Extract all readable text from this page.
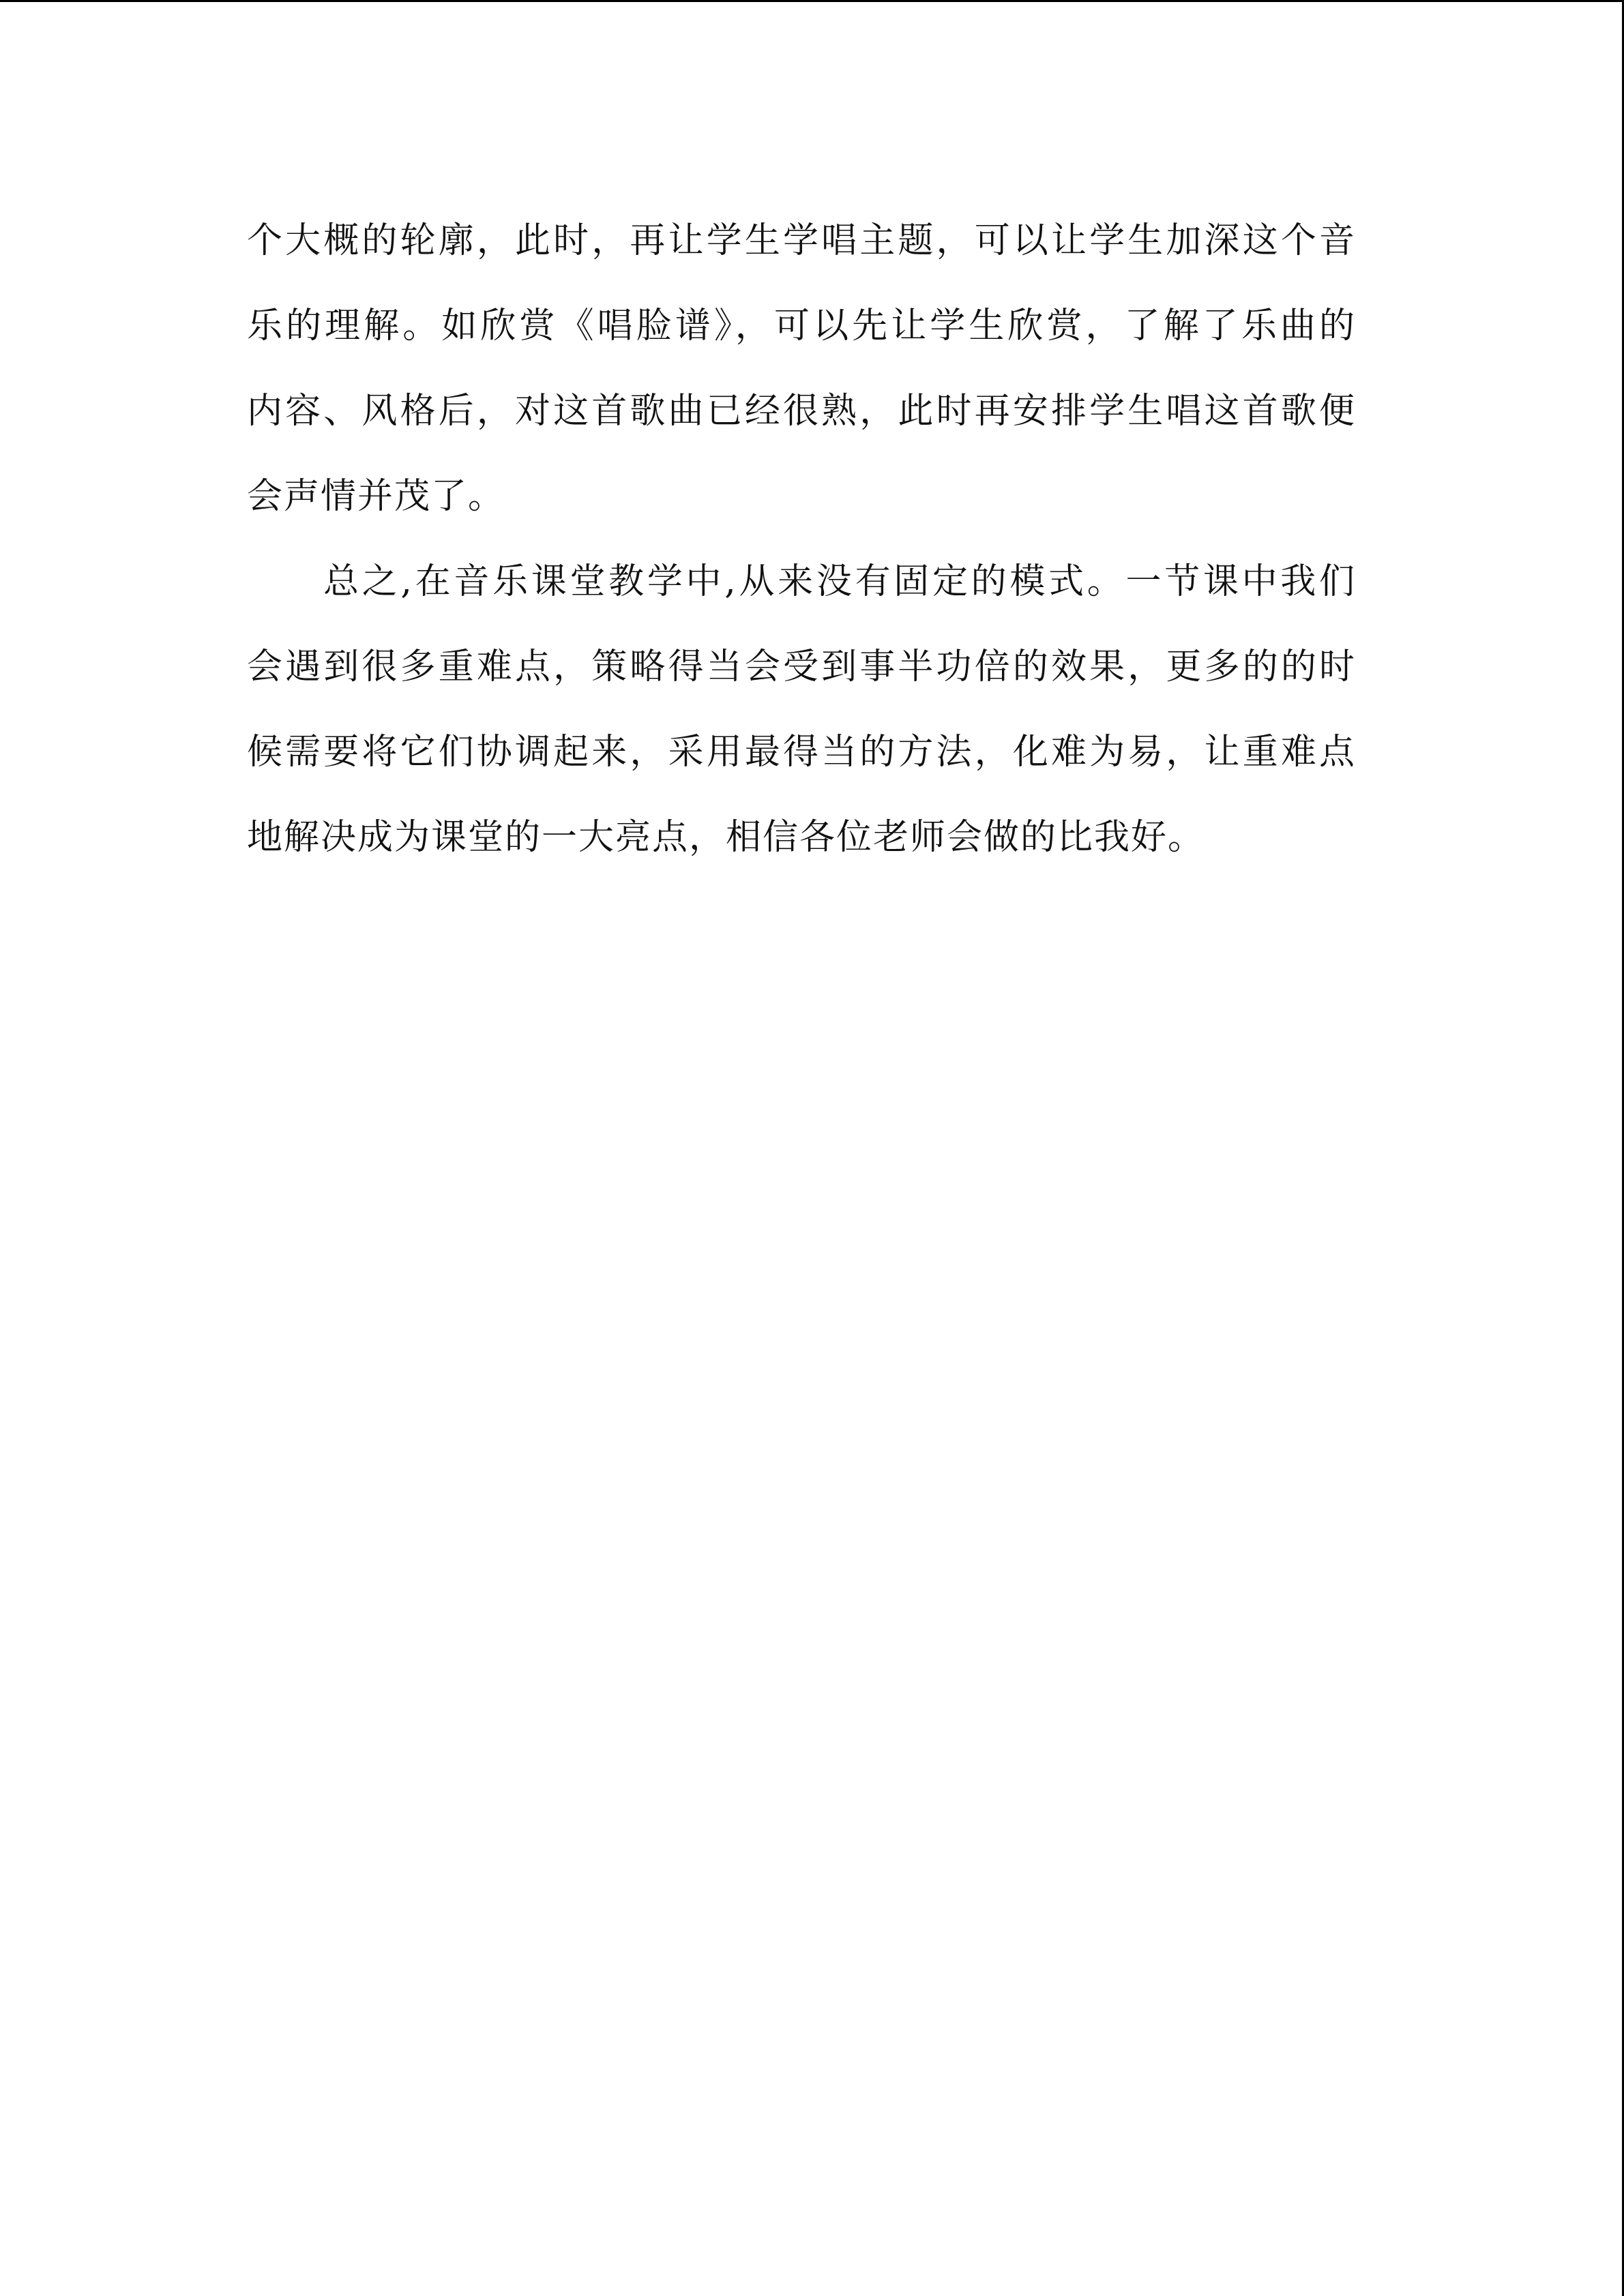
个大概的轮廓，此时，再让学生学唱主题，可以让学生加深这个音
乐的理解。如欣赏《唱脸谱》，可以先让学生欣赏，了解了乐曲的
内容、风格后，对这首歌曲已经很熟，此时再安排学生唱这首歌便
会声情并茂了。
总之,在音乐课堂教学中,从来没有固定的模式。一节课中我们
会遇到很多重难点，策略得当会受到事半功倍的效果，更多的的时
候需要将它们协调起来，采用最得当的方法，化难为易，让重难点
地解决成为课堂的一大亮点，相信各位老师会做的比我好。
